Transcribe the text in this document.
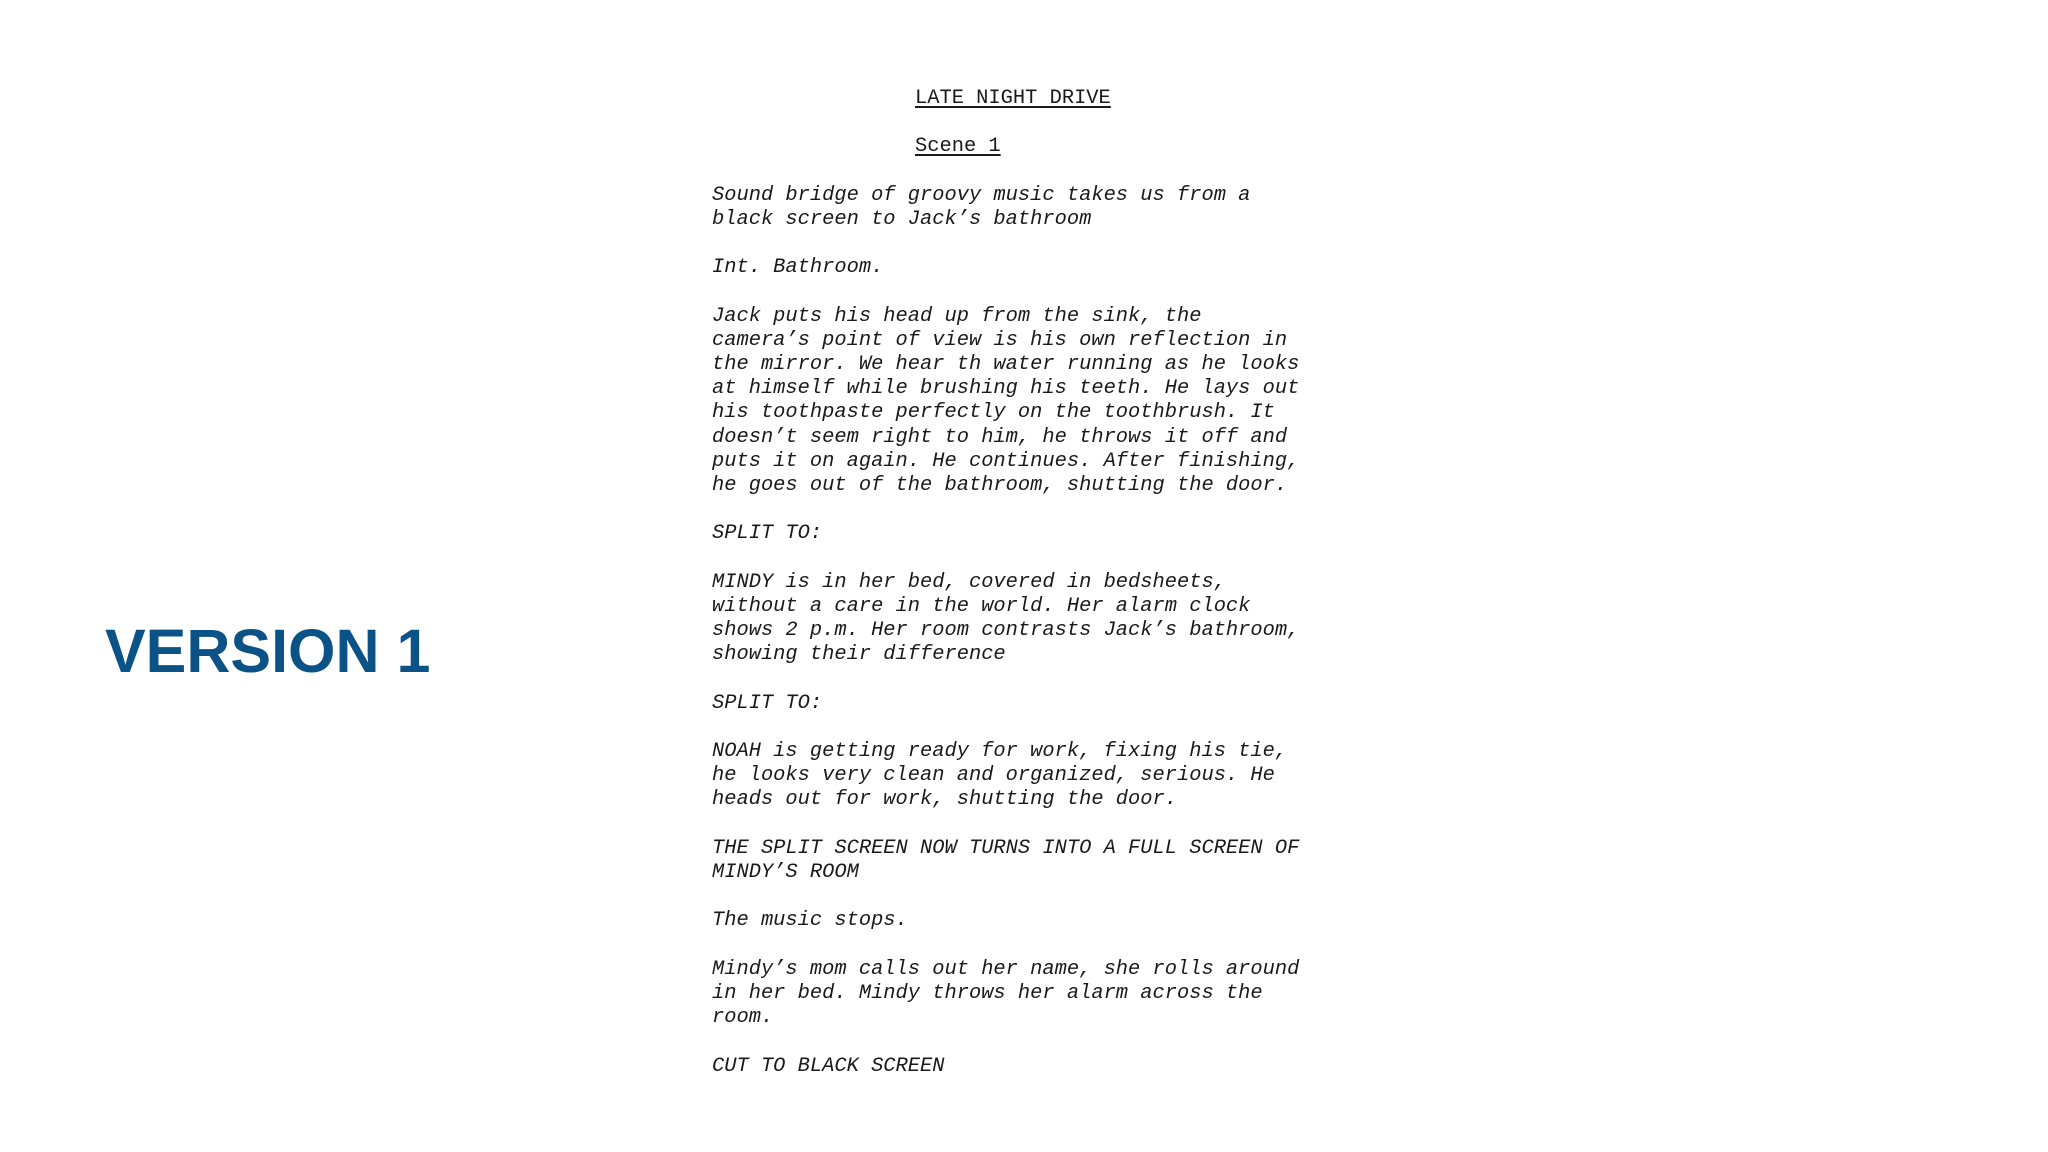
VERSION 1
LATE NIGHT DRIVE
Scene 1
Sound bridge of groovy music takes us from a
black screen to Jack’s bathroom
Int. Bathroom.
Jack puts his head up from the sink, the
camera’s point of view is his own reflection in
the mirror. We hear th water running as he looks
at himself while brushing his teeth. He lays out
his toothpaste perfectly on the toothbrush. It
doesn’t seem right to him, he throws it off and
puts it on again. He continues. After finishing,
he goes out of the bathroom, shutting the door.
SPLIT TO:
MINDY is in her bed, covered in bedsheets,
without a care in the world. Her alarm clock
shows 2 p.m. Her room contrasts Jack’s bathroom,
showing their difference
SPLIT TO:
NOAH is getting ready for work, fixing his tie,
he looks very clean and organized, serious. He
heads out for work, shutting the door.
THE SPLIT SCREEN NOW TURNS INTO A FULL SCREEN OF
MINDY’S ROOM
The music stops.
Mindy’s mom calls out her name, she rolls around
in her bed. Mindy throws her alarm across the
room.
CUT TO BLACK SCREEN
